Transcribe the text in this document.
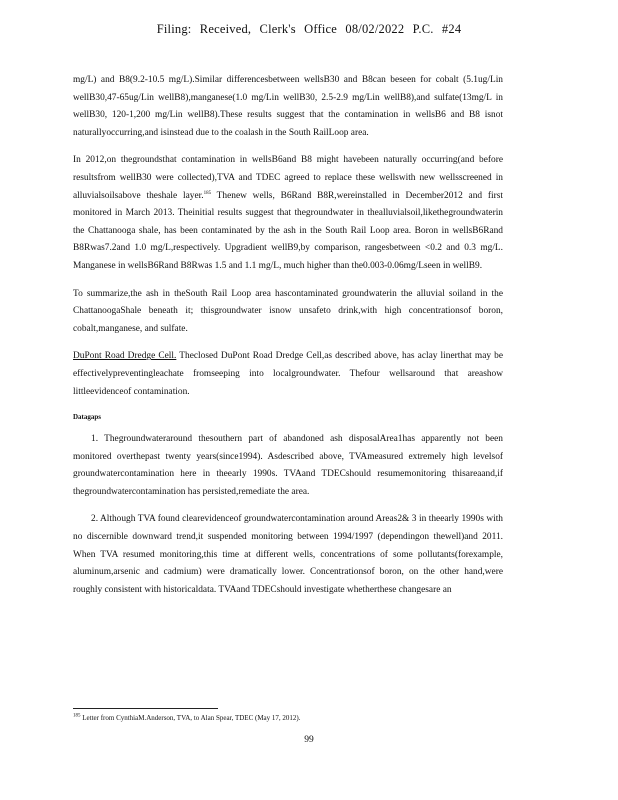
Filing: Received, Clerk's Office 08/02/2022 P.C. #24

mg/L) and B8(9.2-10.5 mg/L).Similar differencesbetween wellsB30 and B8can beseen for cobalt (5.1ug/Lin wellB30,47-65ug/Lin wellB8),manganese(1.0 mg/Lin wellB30, 2.5-2.9 mg/Lin wellB8),and sulfate(13mg/L in wellB30, 120-1,200 mg/Lin wellB8).These results suggest that the contamination in wellsB6 and B8 isnot naturallyoccurring,and isinstead due to the coalash in the South RailLoop area.

In 2012,on thegroundsthat contamination in wellsB6and B8 might havebeen naturally occurring(and before resultsfrom wellB30 were collected),TVA and TDEC agreed to replace these wellswith new wellsscreened in alluvialsoilsabove theshale layer.$^{185}$ Thenew wells, B6Rand B8R,wereinstalled in December2012 and first monitored in March 2013. Theinitial results suggest that thegroundwater in thealluvialsoil,likethegroundwaterin the Chattanooga shale, has been contaminated by the ash in the South Rail Loop area. Boron in wellsB6Rand B8Rwas7.2and 1.0 mg/L,respectively. Upgradient wellB9,by comparison, rangesbetween <0.2 and 0.3 mg/L. Manganese in wellsB6Rand B8Rwas 1.5 and 1.1 mg/L, much higher than the0.003-0.06mg/Lseen in wellB9.

To summarize,the ash in theSouth Rail Loop area hascontaminated groundwaterin the alluvial soiland in the ChattanoogaShale beneath it; thisgroundwater isnow unsafeto drink,with high concentrationsof boron, cobalt,manganese, and sulfate.

DuPont Road Dredge Cell. Theclosed DuPont Road Dredge Cell,as described above, has aclay linerthat may be effectivelypreventingleachate fromseeping into localgroundwater. Thefour wellsaround that areashow littleevidenceof contamination.

Datagaps

1. Thegroundwateraround thesouthern part of abandoned ash disposalArea1has apparently not been monitored overthepast twenty years(since1994). Asdescribed above, TVAmeasured extremely high levelsof groundwatercontamination here in theearly 1990s. TVAand TDECshould resumemonitoring thisareaand,if thegroundwatercontamination has persisted,remediate the area.

2. Although TVA found clearevidenceof groundwatercontamination around Areas2& 3 in theearly 1990s with no discernible downward trend,it suspended monitoring between 1994/1997 (dependingon thewell)and 2011. When TVA resumed monitoring,this time at different wells, concentrations of some pollutants(forexample, aluminum,arsenic and cadmium) were dramatically lower. Concentrationsof boron, on the other hand,were roughly consistent with historicaldata. TVAand TDECshould investigate whetherthese changesare an

$^{185}$ Letter from CynthiaM.Anderson, TVA, to Alan Spear, TDEC (May 17, 2012).
99
